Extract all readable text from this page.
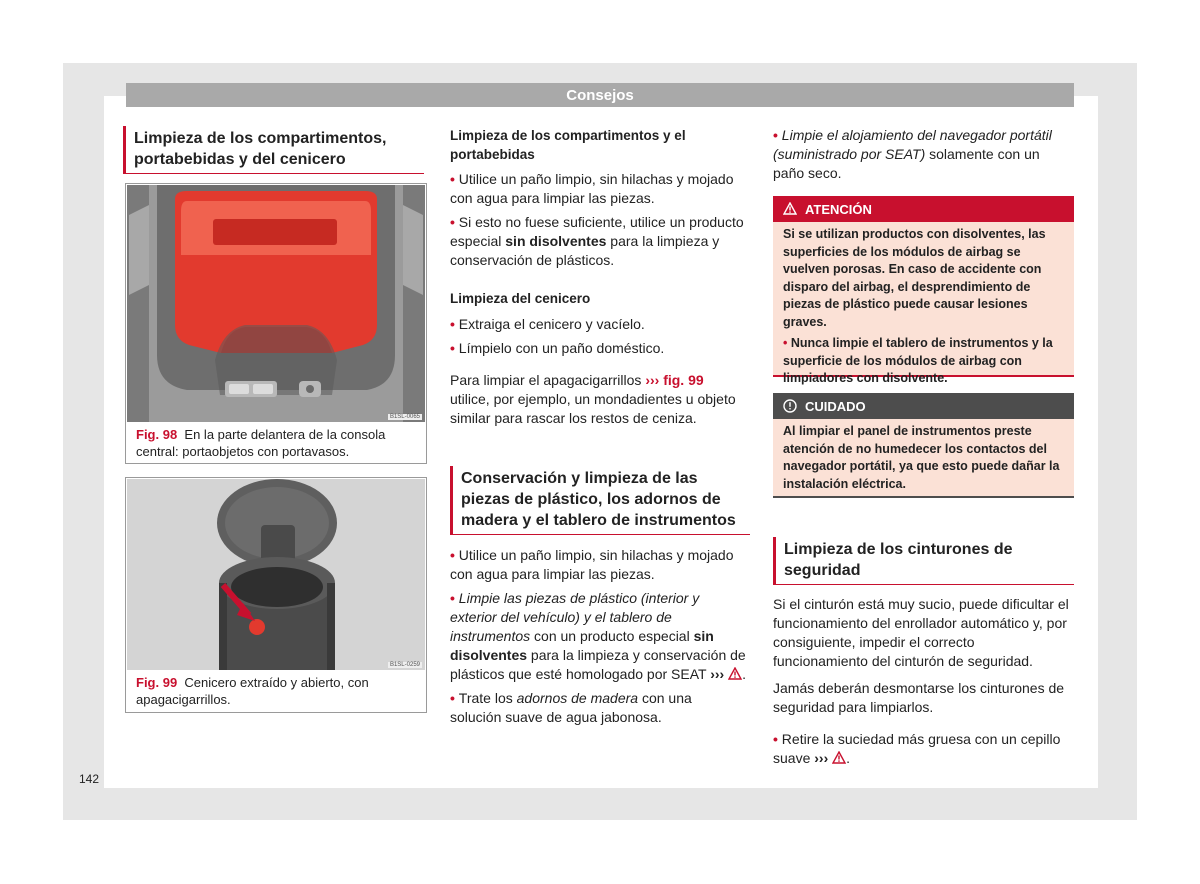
Consejos
Limpieza de los compartimentos, portabebidas y del cenicero
B1SL-0065
Fig. 98 En la parte delantera de la consola central: portaobjetos con portavasos.
B1SL-0259
Fig. 99 Cenicero extraído y abierto, con apagacigarrillos.
142
Limpieza de los compartimentos y el portabebidas
• Utilice un paño limpio, sin hilachas y mojado con agua para limpiar las piezas.
• Si esto no fuese suficiente, utilice un producto especial sin disolventes para la limpieza y conservación de plásticos.
Limpieza del cenicero
• Extraiga el cenicero y vacíelo.
• Límpielo con un paño doméstico.
Para limpiar el apagacigarrillos ››› fig. 99 utilice, por ejemplo, un mondadientes u objeto similar para rascar los restos de ceniza.
Conservación y limpieza de las piezas de plástico, los adornos de madera y el tablero de instrumentos
• Utilice un paño limpio, sin hilachas y mojado con agua para limpiar las piezas.
• Limpie las piezas de plástico (interior y exterior del vehículo) y el tablero de instrumentos con un producto especial sin disolventes para la limpieza y conservación de plásticos que esté homologado por SEAT ››› .
• Trate los adornos de madera con una solución suave de agua jabonosa.
• Limpie el alojamiento del navegador portátil (suministrado por SEAT) solamente con un paño seco.
ATENCIÓN

Si se utilizan productos con disolventes, las superficies de los módulos de airbag se vuelven porosas. En caso de accidente con disparo del airbag, el desprendimiento de piezas de plástico puede causar lesiones graves.

• Nunca limpie el tablero de instrumentos y la superficie de los módulos de airbag con limpiadores con disolvente.

CUIDADO

Al limpiar el panel de instrumentos preste atención de no humedecer los contactos del navegador portátil, ya que esto puede dañar la instalación eléctrica.

Limpieza de los cinturones de seguridad
Si el cinturón está muy sucio, puede dificultar el funcionamiento del enrollador automático y, por consiguiente, impedir el correcto funcionamiento del cinturón de seguridad.
Jamás deberán desmontarse los cinturones de seguridad para limpiarlos.
• Retire la suciedad más gruesa con un cepillo suave ››› .
